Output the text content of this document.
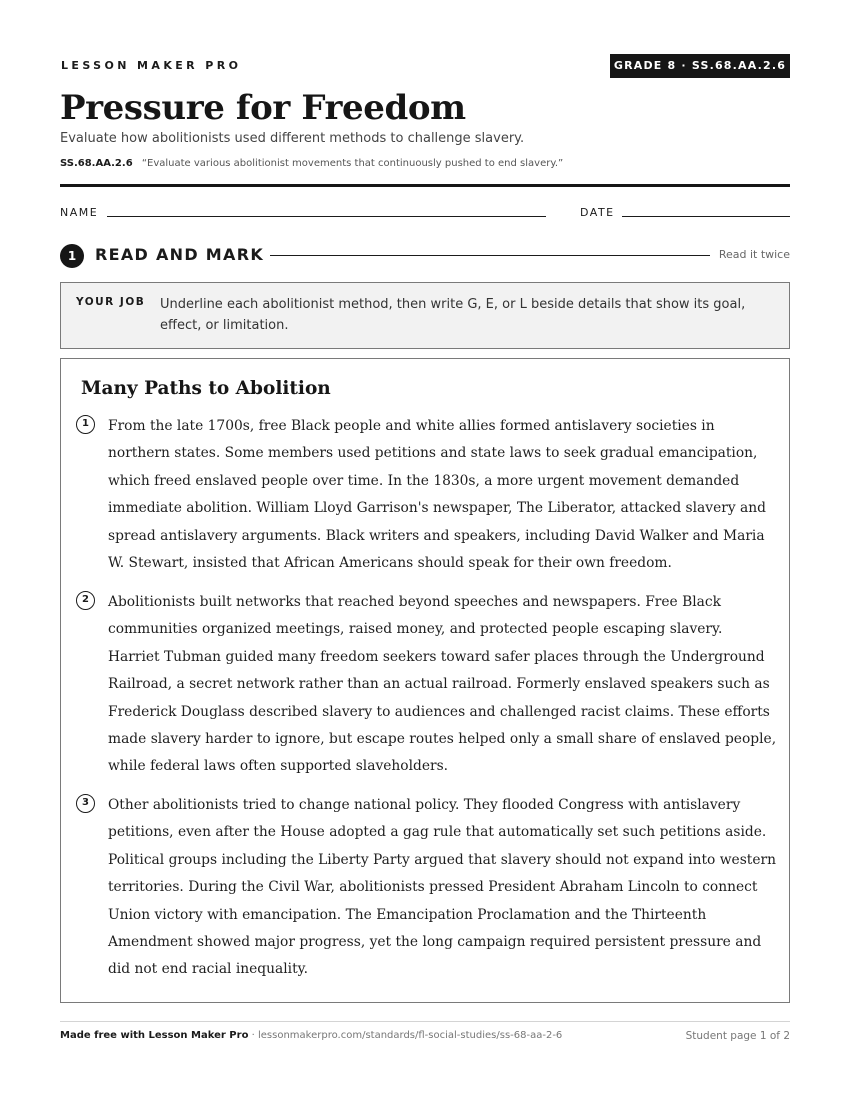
LESSON MAKER PRO	GRADE 8 · SS.68.AA.2.6
Pressure for Freedom
Evaluate how abolitionists used different methods to challenge slavery.
SS.68.AA.2.6 “Evaluate various abolitionist movements that continuously pushed to end slavery.”
NAME	DATE
1	READ AND MARK	Read it twice
YOUR JOB Underline each abolitionist method, then write G, E, or L beside details that show its goal, effect, or limitation.
Many Paths to Abolition
1	From the late 1700s, free Black people and white allies formed antislavery societies in northern states. Some members used petitions and state laws to seek gradual emancipation, which freed enslaved people over time. In the 1830s, a more urgent movement demanded immediate abolition. William Lloyd Garrison's newspaper, The Liberator, attacked slavery and spread antislavery arguments. Black writers and speakers, including David Walker and Maria W. Stewart, insisted that African Americans should speak for their own freedom.

2	Abolitionists built networks that reached beyond speeches and newspapers. Free Black communities organized meetings, raised money, and protected people escaping slavery. Harriet Tubman guided many freedom seekers toward safer places through the Underground Railroad, a secret network rather than an actual railroad. Formerly enslaved speakers such as Frederick Douglass described slavery to audiences and challenged racist claims. These efforts made slavery harder to ignore, but escape routes helped only a small share of enslaved people, while federal laws often supported slaveholders.

3	Other abolitionists tried to change national policy. They flooded Congress with antislavery petitions, even after the House adopted a gag rule that automatically set such petitions aside. Political groups including the Liberty Party argued that slavery should not expand into western territories. During the Civil War, abolitionists pressed President Abraham Lincoln to connect Union victory with emancipation. The Emancipation Proclamation and the Thirteenth Amendment showed major progress, yet the long campaign required persistent pressure and did not end racial inequality.

Made free with Lesson Maker Pro · lessonmakerpro.com/standards/fl-social-studies/ss-68-aa-2-6	Student page 1 of 2
